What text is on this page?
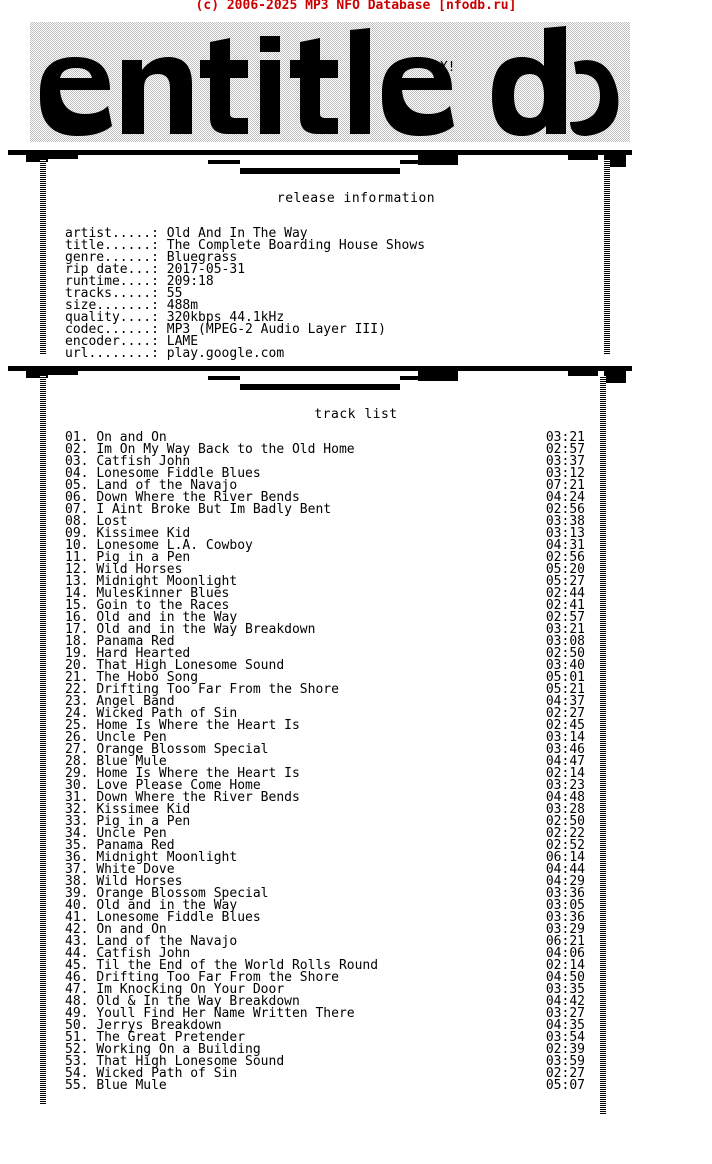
(c) 2006-2025 MP3 NFO Database [nfodb.ru]
hX!
release information
artist.....: Old And In The Way
title......: The Complete Boarding House Shows
genre......: Bluegrass
rip date...: 2017-05-31
runtime....: 209:18
tracks.....: 55
size.......: 488m
quality....: 320kbps 44.1kHz
codec......: MP3 (MPEG-2 Audio Layer III)
encoder....: LAME
url........: play.google.com
track list
01. On and On	03:21
02. Im On My Way Back to the Old Home	02:57
03. Catfish John	03:37
04. Lonesome Fiddle Blues	03:12
05. Land of the Navajo	07:21
06. Down Where the River Bends	04:24
07. I Aint Broke But Im Badly Bent	02:56
08. Lost	03:38
09. Kissimee Kid	03:13
10. Lonesome L.A. Cowboy	04:31
11. Pig in a Pen	02:56
12. Wild Horses	05:20
13. Midnight Moonlight	05:27
14. Muleskinner Blues	02:44
15. Goin to the Races	02:41
16. Old and in the Way	02:57
17. Old and in the Way Breakdown	03:21
18. Panama Red	03:08
19. Hard Hearted	02:50
20. That High Lonesome Sound	03:40
21. The Hobo Song	05:01
22. Drifting Too Far From the Shore	05:21
23. Angel Band	04:37
24. Wicked Path of Sin	02:27
25. Home Is Where the Heart Is	02:45
26. Uncle Pen	03:14
27. Orange Blossom Special	03:46
28. Blue Mule	04:47
29. Home Is Where the Heart Is	02:14
30. Love Please Come Home	03:23
31. Down Where the River Bends	04:48
32. Kissimee Kid	03:28
33. Pig in a Pen	02:50
34. Uncle Pen	02:22
35. Panama Red	02:52
36. Midnight Moonlight	06:14
37. White Dove	04:44
38. Wild Horses	04:29
39. Orange Blossom Special	03:36
40. Old and in the Way	03:05
41. Lonesome Fiddle Blues	03:36
42. On and On	03:29
43. Land of the Navajo	06:21
44. Catfish John	04:06
45. Til the End of the World Rolls Round	02:14
46. Drifting Too Far From the Shore	04:50
47. Im Knocking On Your Door	03:35
48. Old & In the Way Breakdown	04:42
49. Youll Find Her Name Written There	03:27
50. Jerrys Breakdown	04:35
51. The Great Pretender	03:54
52. Working On a Building	02:39
53. That High Lonesome Sound	03:59
54. Wicked Path of Sin	02:27
55. Blue Mule	05:07
